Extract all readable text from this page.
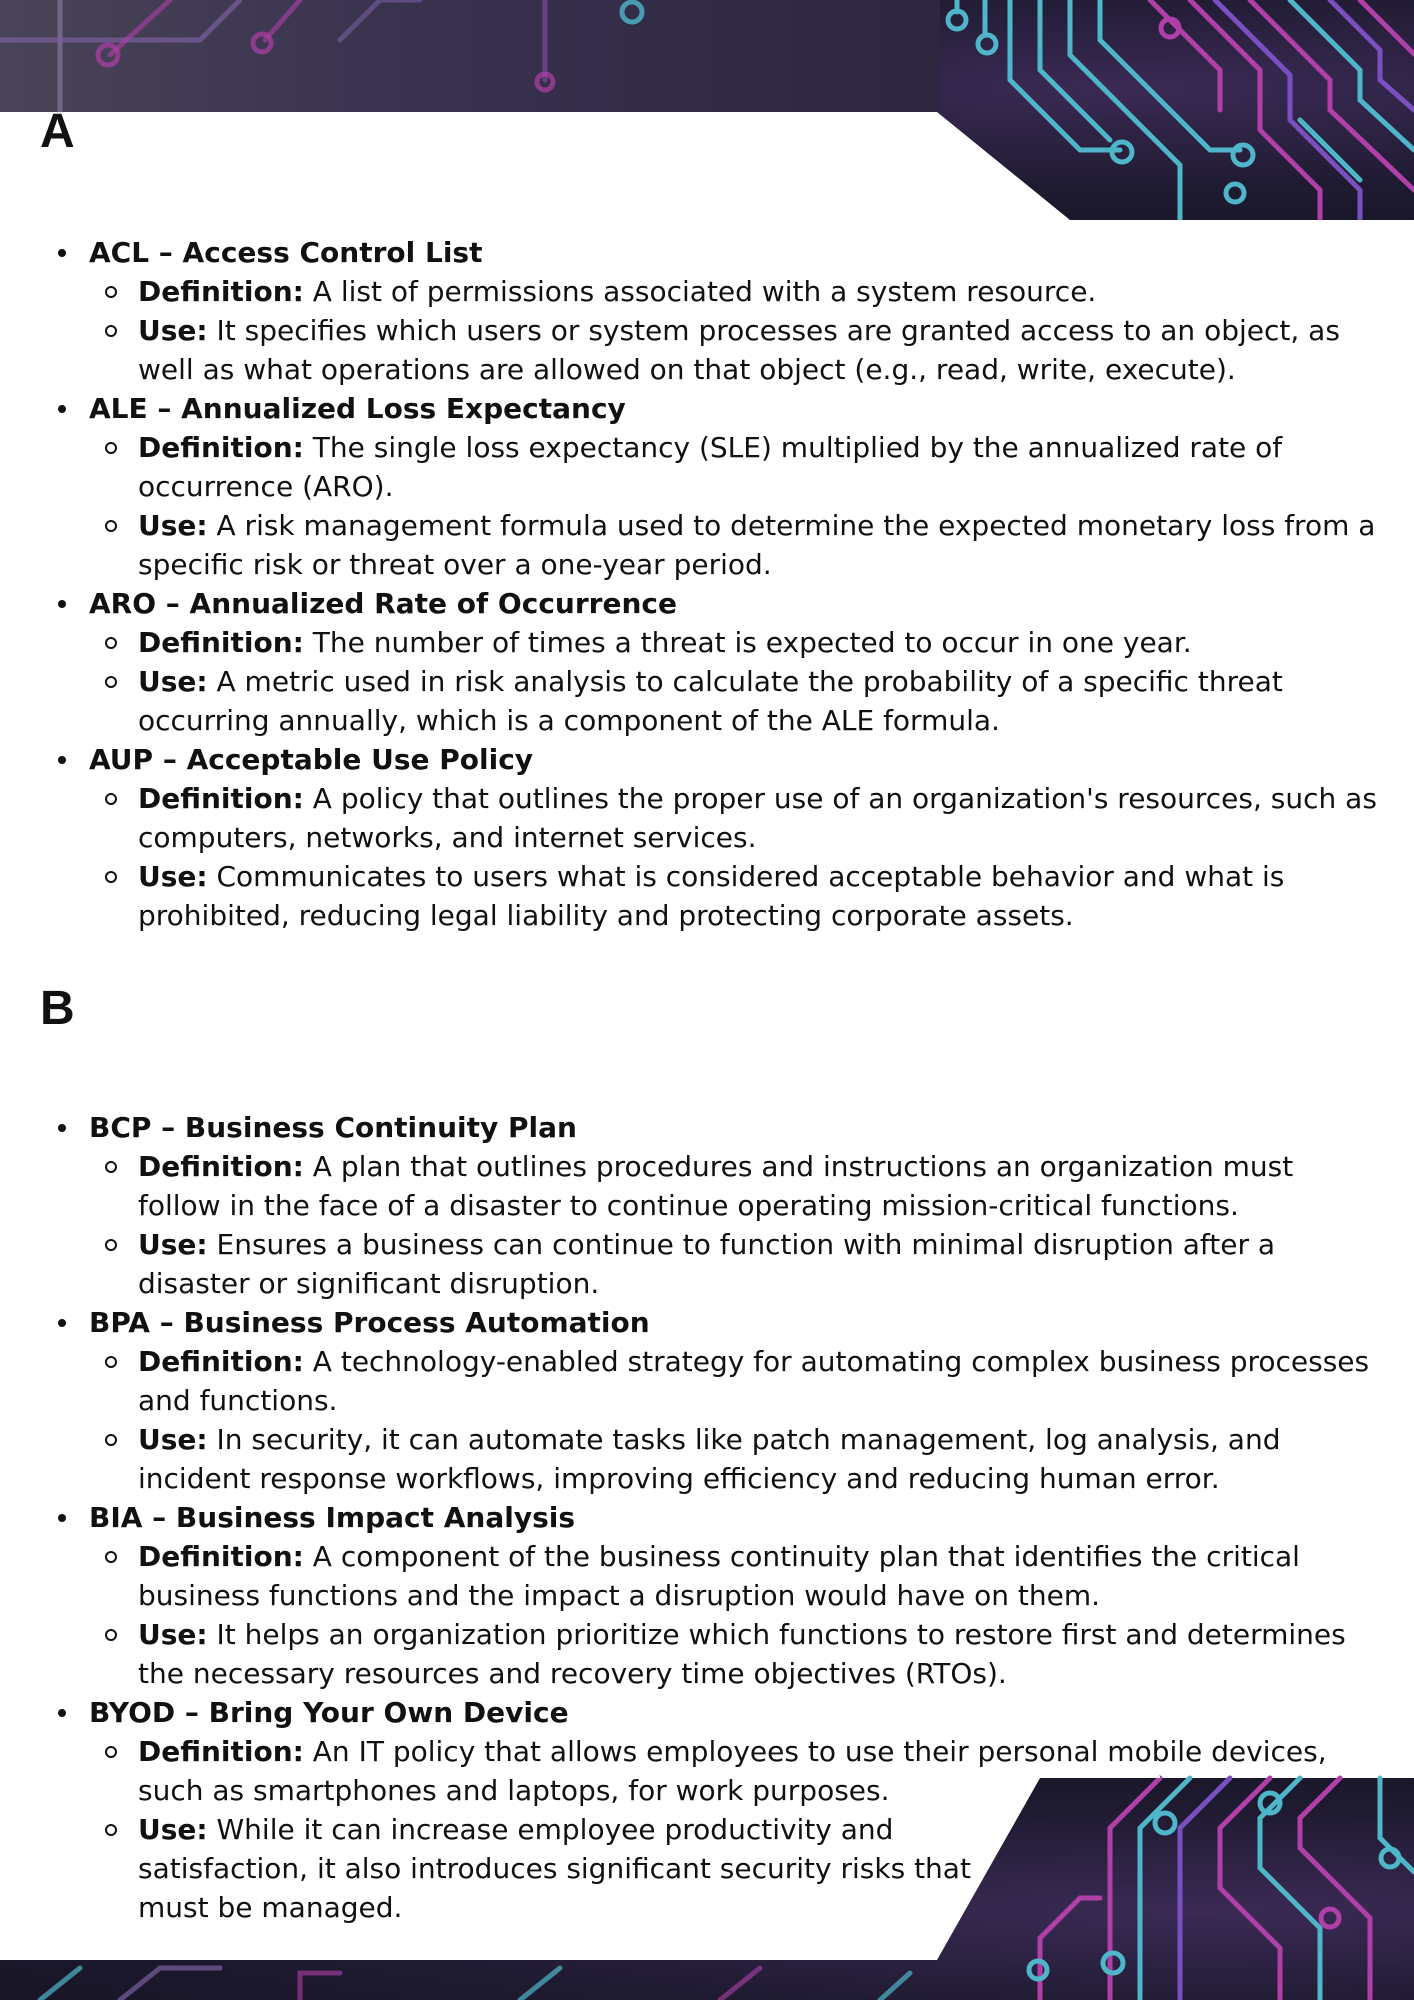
A
ACL – Access Control List
Definition: A list of permissions associated with a system resource.
Use: It specifies which users or system processes are granted access to an object, as well as what operations are allowed on that object (e.g., read, write, execute).
ALE – Annualized Loss Expectancy
Definition: The single loss expectancy (SLE) multiplied by the annualized rate of occurrence (ARO).
Use: A risk management formula used to determine the expected monetary loss from a specific risk or threat over a one-year period.
ARO – Annualized Rate of Occurrence
Definition: The number of times a threat is expected to occur in one year.
Use: A metric used in risk analysis to calculate the probability of a specific threat occurring annually, which is a component of the ALE formula.
AUP – Acceptable Use Policy
Definition: A policy that outlines the proper use of an organization's resources, such as computers, networks, and internet services.
Use: Communicates to users what is considered acceptable behavior and what is prohibited, reducing legal liability and protecting corporate assets.
B
BCP – Business Continuity Plan
Definition: A plan that outlines procedures and instructions an organization must follow in the face of a disaster to continue operating mission-critical functions.
Use: Ensures a business can continue to function with minimal disruption after a disaster or significant disruption.
BPA – Business Process Automation
Definition: A technology-enabled strategy for automating complex business processes and functions.
Use: In security, it can automate tasks like patch management, log analysis, and incident response workflows, improving efficiency and reducing human error.
BIA – Business Impact Analysis
Definition: A component of the business continuity plan that identifies the critical business functions and the impact a disruption would have on them.
Use: It helps an organization prioritize which functions to restore first and determines the necessary resources and recovery time objectives (RTOs).
BYOD – Bring Your Own Device
Definition: An IT policy that allows employees to use their personal mobile devices, such as smartphones and laptops, for work purposes.
Use: While it can increase employee productivity and satisfaction, it also introduces significant security risks that must be managed.
